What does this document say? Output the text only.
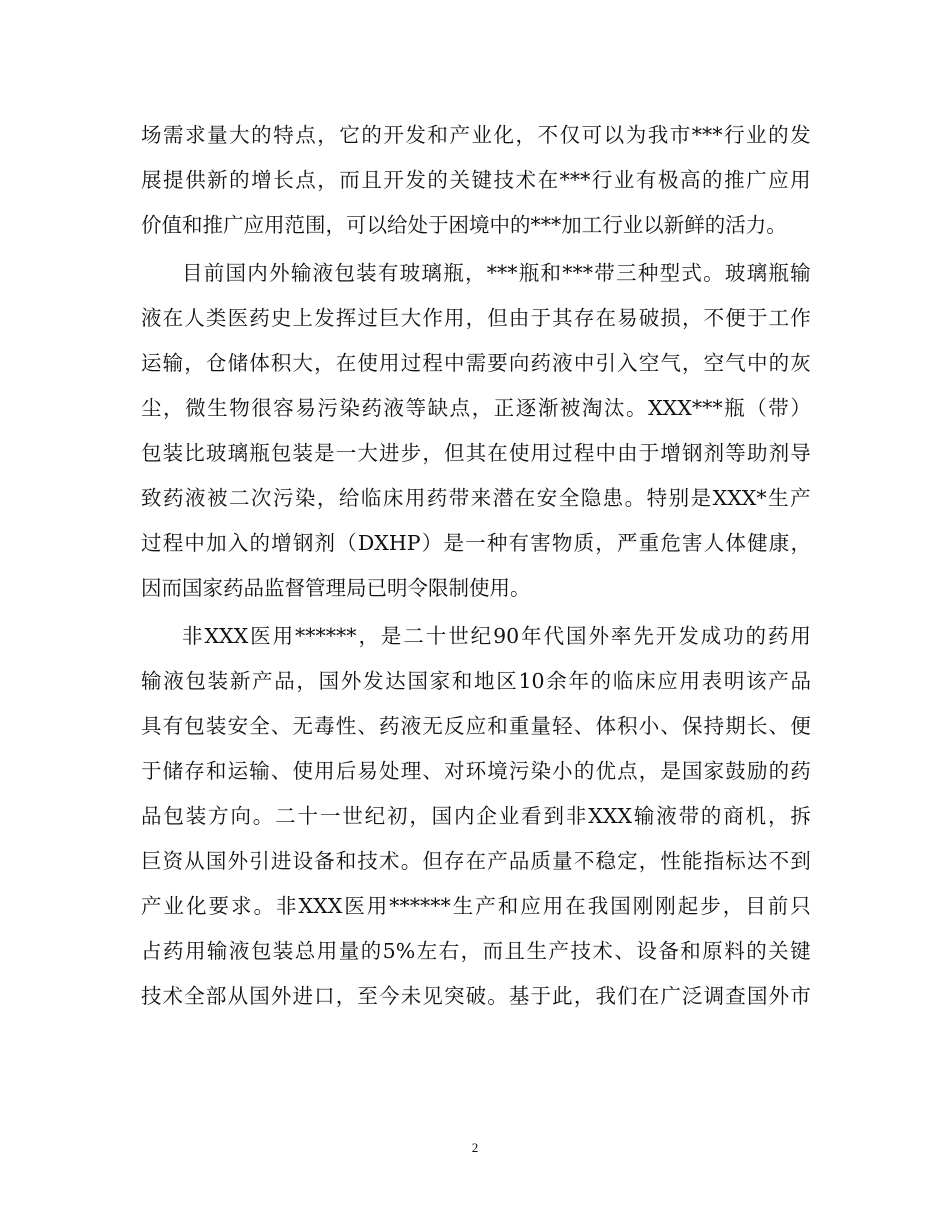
场 需 求 量 大 的 特 点 ， 它 的 开 发 和 产 业 化 ， 不 仅 可 以 为 我 市 *** 行 业 的 发
展 提 供 新 的 增 长 点 ， 而 且 开 发 的 关 键 技 术 在 *** 行 业 有 极 高 的 推 广 应 用
价值和推广应用范围，可以给处于困境中的***加工行业以新鲜的活力。
目 前 国 内 外 输 液 包 装 有 玻 璃 瓶 ， *** 瓶 和 *** 带 三 种 型 式 。 玻 璃 瓶 输
液 在 人 类 医 药 史 上 发 挥 过 巨 大 作 用 ， 但 由 于 其 存 在 易 破 损 ， 不 便 于 工 作
运 输 ， 仓 储 体 积 大 ， 在 使 用 过 程 中 需 要 向 药 液 中 引 入 空 气 ， 空 气 中 的 灰
尘 ， 微 生 物 很 容 易 污 染 药 液 等 缺 点 ， 正 逐 渐 被 淘 汰 。 XXX*** 瓶 （ 带 ）
包 装 比 玻 璃 瓶 包 装 是 一 大 进 步 ， 但 其 在 使 用 过 程 中 由 于 增 钢 剂 等 助 剂 导
致 药 液 被 二 次 污 染 ， 给 临 床 用 药 带 来 潜 在 安 全 隐 患 。 特 别 是 XXX* 生 产
过 程 中 加 入 的 增 钢 剂 （ DXHP ） 是 一 种 有 害 物 质 ， 严 重 危 害 人 体 健 康 ，
因而国家药品监督管理局已明令限制使用。
非 XXX 医 用 ****** ， 是 二 十 世 纪 90 年 代 国 外 率 先 开 发 成 功 的 药 用
输 液 包 装 新 产 品 ， 国 外 发 达 国 家 和 地 区 10 余 年 的 临 床 应 用 表 明 该 产 品
具 有 包 装 安 全 、 无 毒 性 、 药 液 无 反 应 和 重 量 轻 、 体 积 小 、 保 持 期 长 、 便
于 储 存 和 运 输 、 使 用 后 易 处 理 、 对 环 境 污 染 小 的 优 点 ， 是 国 家 鼓 励 的 药
品 包 装 方 向 。 二 十 一 世 纪 初 ， 国 内 企 业 看 到 非 XXX 输 液 带 的 商 机 ， 拆
巨 资 从 国 外 引 进 设 备 和 技 术 。 但 存 在 产 品 质 量 不 稳 定 ， 性 能 指 标 达 不 到
产 业 化 要 求 。 非 XXX 医 用 ****** 生 产 和 应 用 在 我 国 刚 刚 起 步 ， 目 前 只
占 药 用 输 液 包 装 总 用 量 的 5% 左 右 ， 而 且 生 产 技 术 、 设 备 和 原 料 的 关 键
技 术 全 部 从 国 外 进 口 ， 至 今 未 见 突 破 。 基 于 此 ， 我 们 在 广 泛 调 查 国 外 市
2
